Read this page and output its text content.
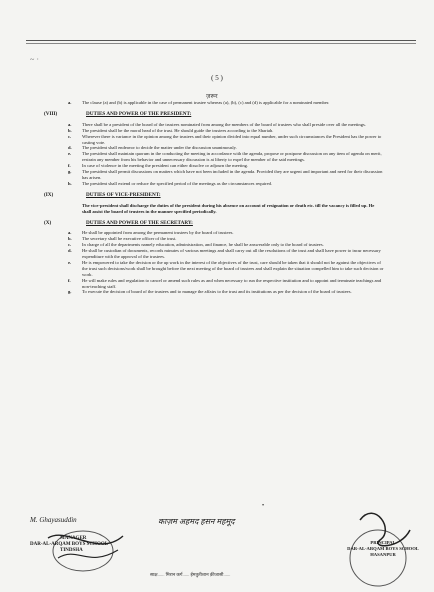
~ ·
( 5 )
ज़रूर
a.	The clause (a) and (b) is applicable in the case of permanent trustee whereas (a), (b), (c) and (d) is applicable for a nominated member.
(VIII)	DUTIES AND POWER OF THE PRESIDENT:
a.	There shall be a president of the board of the trustees nominated from among the members of the board of trustees who shall preside over all the meetings.
b.	The president shall be the moral head of the trust. He should guide the trustees according to the Shariah.
c.	Wherever there is variance in the opinion among the trustees and their opinion divided into equal number, under such circumstances the President has the power to casting vote.
d.	The president shall endeavor to decide the matter under the discussion unanimously.
e.	The president shall maintain quorum in the conducting the meeting in accordance with the agenda, propose or postpone discussion on any item of agenda on merit, restrain any member from his behavior and unnecessary discussion is at liberty to expel the member of the said meetings.
f.	In case of violence in the meeting the president can either dissolve or adjourn the meeting.
g.	The president shall permit discussions on matters which have not been included in the agenda. Provided they are urgent and important and need for their discussion has arisen.
h.	The president shall extend or reduce the specified period of the meetings as the circumstances required.
(IX)	DUTIES OF VICE-PRESIDENT:
The vice-president shall discharge the duties of the president during his absence on account of resignation or death etc. till the vacancy is filled up. He shall assist the board of trustees in the manner specified periodically.
(X)	DUTIES AND POWER OF THE SECRETARY:
a.	He shall be appointed from among the permanent trustees by the board of trustees.
b.	The secretary shall be executive officer of the trust.
c.	In charge of all the departments namely education, administration, and finance, he shall be answerable only to the board of trustees.
d.	He shall be custodian of documents, records minutes of various meetings and shall carry out all the resolutions of the trust and shall have power to incur necessary expenditure with the approval of the trustees.
e.	He is empowered to take the decision or the up work in the interest of the objectives of the trust, care should be taken that it should not be against the objectives of the trust such decisions/work shall be brought before the next meeting of the board of trustees and shall explain the situation compelled him to take such decision or work.
f.	He will make rules and regulation to cancel or amend such rules as and when necessary to run the respective institution and to appoint and terminate teachings and non-teaching staff.
g.	To execute the decision of board of the trustees and to manage the affairs to the trust and its institutions as per the decision of the board of trustees.
•
M. Ghayasuddin	काज़म अहमद हसन महमूद
MANAGER
DAR-AL-ARQAM BOYS SCHOOL
TINDSHA
PRINCIPAL
DAR-AL-ARQAM BOYS SCHOOL
HASANPUR
साक्ष...... मिरान कर्ग...... ईमत्रुतीशान क़ीजासी......
